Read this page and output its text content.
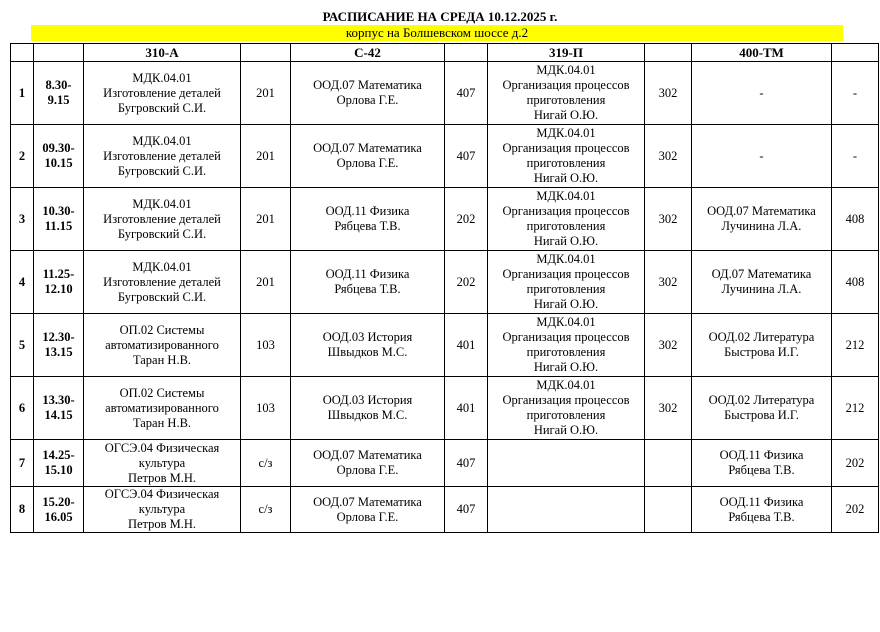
РАСПИСАНИЕ НА СРЕДА 10.12.2025 г.
корпус на Болшевском шоссе д.2
		310-А		С-42		319-П		400-ТМ	
1	8.30-
9.15	МДК.04.01
Изготовление деталей
Бугровский С.И.	201	ООД.07 Математика
Орлова Г.Е.	407	МДК.04.01
Организация процессов
приготовления
Нигай О.Ю.	302	-	-
2	09.30-
10.15	МДК.04.01
Изготовление деталей
Бугровский С.И.	201	ООД.07 Математика
Орлова Г.Е.	407	МДК.04.01
Организация процессов
приготовления
Нигай О.Ю.	302	-	-
3	10.30-
11.15	МДК.04.01
Изготовление деталей
Бугровский С.И.	201	ООД.11 Физика
Рябцева Т.В.	202	МДК.04.01
Организация процессов
приготовления
Нигай О.Ю.	302	ООД.07 Математика
Лучинина Л.А.	408
4	11.25-
12.10	МДК.04.01
Изготовление деталей
Бугровский С.И.	201	ООД.11 Физика
Рябцева Т.В.	202	МДК.04.01
Организация процессов
приготовления
Нигай О.Ю.	302	ОД.07 Математика
Лучинина Л.А.	408
5	12.30-
13.15	ОП.02 Системы
автоматизированного
Таран Н.В.	103	ООД.03 История
Швыдков М.С.	401	МДК.04.01
Организация процессов
приготовления
Нигай О.Ю.	302	ООД.02 Литература
Быстрова И.Г.	212
6	13.30-
14.15	ОП.02 Системы
автоматизированного
Таран Н.В.	103	ООД.03 История
Швыдков М.С.	401	МДК.04.01
Организация процессов
приготовления
Нигай О.Ю.	302	ООД.02 Литература
Быстрова И.Г.	212
7	14.25-
15.10	ОГСЭ.04 Физическая
культура
Петров М.Н.	с/з	ООД.07 Математика
Орлова Г.Е.	407			ООД.11 Физика
Рябцева Т.В.	202
8	15.20-
16.05	ОГСЭ.04 Физическая
культура
Петров М.Н.	с/з	ООД.07 Математика
Орлова Г.Е.	407			ООД.11 Физика
Рябцева Т.В.	202
